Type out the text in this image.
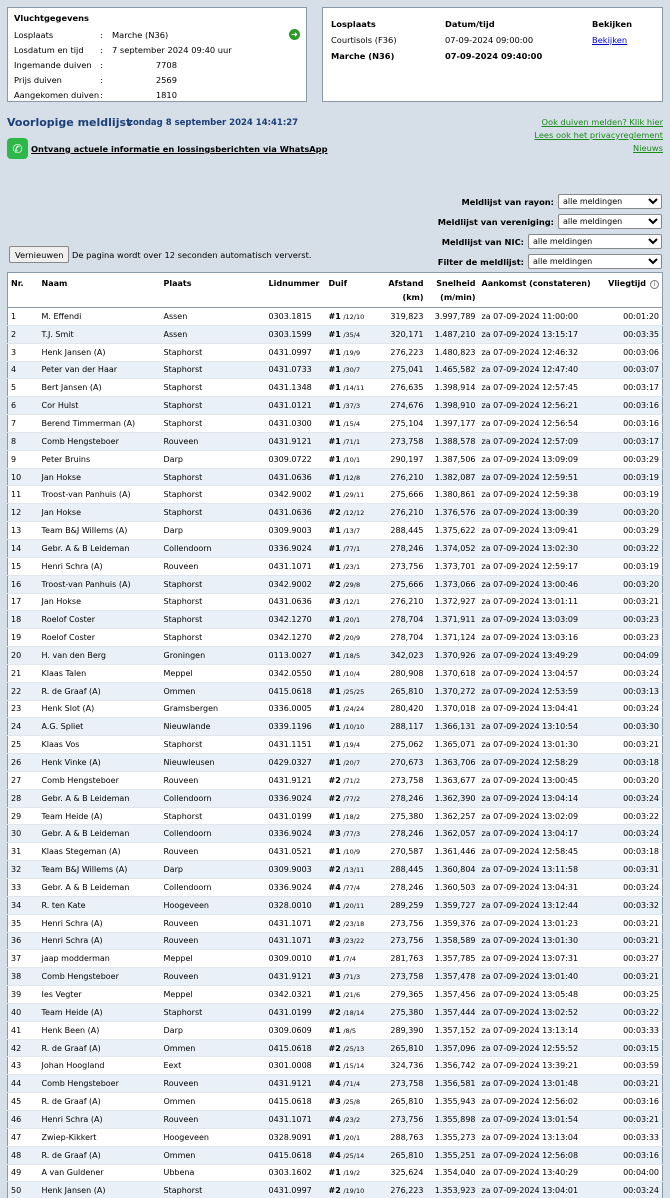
Vluchtgegevens
Losplaats	:	Marche (N36)	➜
Losdatum en tijd	:	7 september 2024 09:40 uur
Ingemande duiven	:	7708
Prijs duiven	:	2569
Aangekomen duiven :	1810
Losplaats	Datum/tijd	Bekijken
Courtisols (F36)	07-09-2024 09:00:00	Bekijken
Marche (N36)	07-09-2024 09:40:00
Voorlopige meldlijst
zondag 8 september 2024 14:41:27	Ook duiven melden? Klik hier
Lees ook het privacyreglement
Nieuws
✆	Ontvang actuele informatie en lossingsberichten via WhatsApp
Meldlijst van rayon:
alle meldingen
Meldlijst van vereniging:
alle meldingen
Meldlijst van NIC:
alle meldingen
Filter de meldlijst:
alle meldingen
Vernieuwen	De pagina wordt over 12 seconden automatisch ververst.
Nr.	Naam	Plaats	Lidnummer	Duif	Afstand (km)	Snelheid (m/min)	Aankomst (constateren)	Vliegtijd i
1	M. Effendi	Assen	0303.1815	#1 /12/10	319,823	3.997,789	za 07-09-2024 11:00:00	00:01:20
2	T.J. Smit	Assen	0303.1599	#1 /35/4	320,171	1.487,210	za 07-09-2024 13:15:17	00:03:35
3	Henk Jansen (A)	Staphorst	0431.0997	#1 /19/9	276,223	1.480,823	za 07-09-2024 12:46:32	00:03:06
4	Peter van der Haar	Staphorst	0431.0733	#1 /30/7	275,041	1.465,582	za 07-09-2024 12:47:40	00:03:07
5	Bert Jansen (A)	Staphorst	0431.1348	#1 /14/11	276,635	1.398,914	za 07-09-2024 12:57:45	00:03:17
6	Cor Hulst	Staphorst	0431.0121	#1 /37/3	274,676	1.398,910	za 07-09-2024 12:56:21	00:03:16
7	Berend Timmerman (A)	Staphorst	0431.0300	#1 /15/4	275,104	1.397,177	za 07-09-2024 12:56:54	00:03:16
8	Comb Hengsteboer	Rouveen	0431.9121	#1 /71/1	273,758	1.388,578	za 07-09-2024 12:57:09	00:03:17
9	Peter Bruins	Darp	0309.0722	#1 /10/1	290,197	1.387,506	za 07-09-2024 13:09:09	00:03:29
10	Jan Hokse	Staphorst	0431.0636	#1 /12/8	276,210	1.382,087	za 07-09-2024 12:59:51	00:03:19
11	Troost-van Panhuis (A)	Staphorst	0342.9002	#1 /29/11	275,666	1.380,861	za 07-09-2024 12:59:38	00:03:19
12	Jan Hokse	Staphorst	0431.0636	#2 /12/12	276,210	1.376,576	za 07-09-2024 13:00:39	00:03:20
13	Team B&J Willems (A)	Darp	0309.9003	#1 /13/7	288,445	1.375,622	za 07-09-2024 13:09:41	00:03:29
14	Gebr. A & B Leideman	Collendoorn	0336.9024	#1 /77/1	278,246	1.374,052	za 07-09-2024 13:02:30	00:03:22
15	Henri Schra (A)	Rouveen	0431.1071	#1 /23/1	273,756	1.373,701	za 07-09-2024 12:59:17	00:03:19
16	Troost-van Panhuis (A)	Staphorst	0342.9002	#2 /29/8	275,666	1.373,066	za 07-09-2024 13:00:46	00:03:20
17	Jan Hokse	Staphorst	0431.0636	#3 /12/1	276,210	1.372,927	za 07-09-2024 13:01:11	00:03:21
18	Roelof Coster	Staphorst	0342.1270	#1 /20/1	278,704	1.371,911	za 07-09-2024 13:03:09	00:03:23
19	Roelof Coster	Staphorst	0342.1270	#2 /20/9	278,704	1.371,124	za 07-09-2024 13:03:16	00:03:23
20	H. van den Berg	Groningen	0113.0027	#1 /18/5	342,023	1.370,926	za 07-09-2024 13:49:29	00:04:09
21	Klaas Talen	Meppel	0342.0550	#1 /10/4	280,908	1.370,618	za 07-09-2024 13:04:57	00:03:24
22	R. de Graaf (A)	Ommen	0415.0618	#1 /25/25	265,810	1.370,272	za 07-09-2024 12:53:59	00:03:13
23	Henk Slot (A)	Gramsbergen	0336.0005	#1 /24/24	280,420	1.370,018	za 07-09-2024 13:04:41	00:03:24
24	A.G. Spliet	Nieuwlande	0339.1196	#1 /10/10	288,117	1.366,131	za 07-09-2024 13:10:54	00:03:30
25	Klaas Vos	Staphorst	0431.1151	#1 /19/4	275,062	1.365,071	za 07-09-2024 13:01:30	00:03:21
26	Henk Vinke (A)	Nieuwleusen	0429.0327	#1 /20/7	270,673	1.363,706	za 07-09-2024 12:58:29	00:03:18
27	Comb Hengsteboer	Rouveen	0431.9121	#2 /71/2	273,758	1.363,677	za 07-09-2024 13:00:45	00:03:20
28	Gebr. A & B Leideman	Collendoorn	0336.9024	#2 /77/2	278,246	1.362,390	za 07-09-2024 13:04:14	00:03:24
29	Team Heide (A)	Staphorst	0431.0199	#1 /18/2	275,380	1.362,257	za 07-09-2024 13:02:09	00:03:22
30	Gebr. A & B Leideman	Collendoorn	0336.9024	#3 /77/3	278,246	1.362,057	za 07-09-2024 13:04:17	00:03:24
31	Klaas Stegeman (A)	Rouveen	0431.0521	#1 /10/9	270,587	1.361,446	za 07-09-2024 12:58:45	00:03:18
32	Team B&J Willems (A)	Darp	0309.9003	#2 /13/11	288,445	1.360,804	za 07-09-2024 13:11:58	00:03:31
33	Gebr. A & B Leideman	Collendoorn	0336.9024	#4 /77/4	278,246	1.360,503	za 07-09-2024 13:04:31	00:03:24
34	R. ten Kate	Hoogeveen	0328.0010	#1 /20/11	289,259	1.359,727	za 07-09-2024 13:12:44	00:03:32
35	Henri Schra (A)	Rouveen	0431.1071	#2 /23/18	273,756	1.359,376	za 07-09-2024 13:01:23	00:03:21
36	Henri Schra (A)	Rouveen	0431.1071	#3 /23/22	273,756	1.358,589	za 07-09-2024 13:01:30	00:03:21
37	jaap modderman	Meppel	0309.0010	#1 /7/4	281,763	1.357,785	za 07-09-2024 13:07:31	00:03:27
38	Comb Hengsteboer	Rouveen	0431.9121	#3 /71/3	273,758	1.357,478	za 07-09-2024 13:01:40	00:03:21
39	Ies Vegter	Meppel	0342.0321	#1 /21/6	279,365	1.357,456	za 07-09-2024 13:05:48	00:03:25
40	Team Heide (A)	Staphorst	0431.0199	#2 /18/14	275,380	1.357,444	za 07-09-2024 13:02:52	00:03:22
41	Henk Been (A)	Darp	0309.0609	#1 /8/5	289,390	1.357,152	za 07-09-2024 13:13:14	00:03:33
42	R. de Graaf (A)	Ommen	0415.0618	#2 /25/13	265,810	1.357,096	za 07-09-2024 12:55:52	00:03:15
43	Johan Hoogland	Eext	0301.0008	#1 /15/14	324,736	1.356,742	za 07-09-2024 13:39:21	00:03:59
44	Comb Hengsteboer	Rouveen	0431.9121	#4 /71/4	273,758	1.356,581	za 07-09-2024 13:01:48	00:03:21
45	R. de Graaf (A)	Ommen	0415.0618	#3 /25/8	265,810	1.355,943	za 07-09-2024 12:56:02	00:03:16
46	Henri Schra (A)	Rouveen	0431.1071	#4 /23/2	273,756	1.355,898	za 07-09-2024 13:01:54	00:03:21
47	Zwiep-Kikkert	Hoogeveen	0328.9091	#1 /20/1	288,763	1.355,273	za 07-09-2024 13:13:04	00:03:33
48	R. de Graaf (A)	Ommen	0415.0618	#4 /25/14	265,810	1.355,251	za 07-09-2024 12:56:08	00:03:16
49	A van Guldener	Ubbena	0303.1602	#1 /19/2	325,624	1.354,040	za 07-09-2024 13:40:29	00:04:00
50	Henk Jansen (A)	Staphorst	0431.0997	#2 /19/10	276,223	1.353,923	za 07-09-2024 13:04:01	00:03:24
